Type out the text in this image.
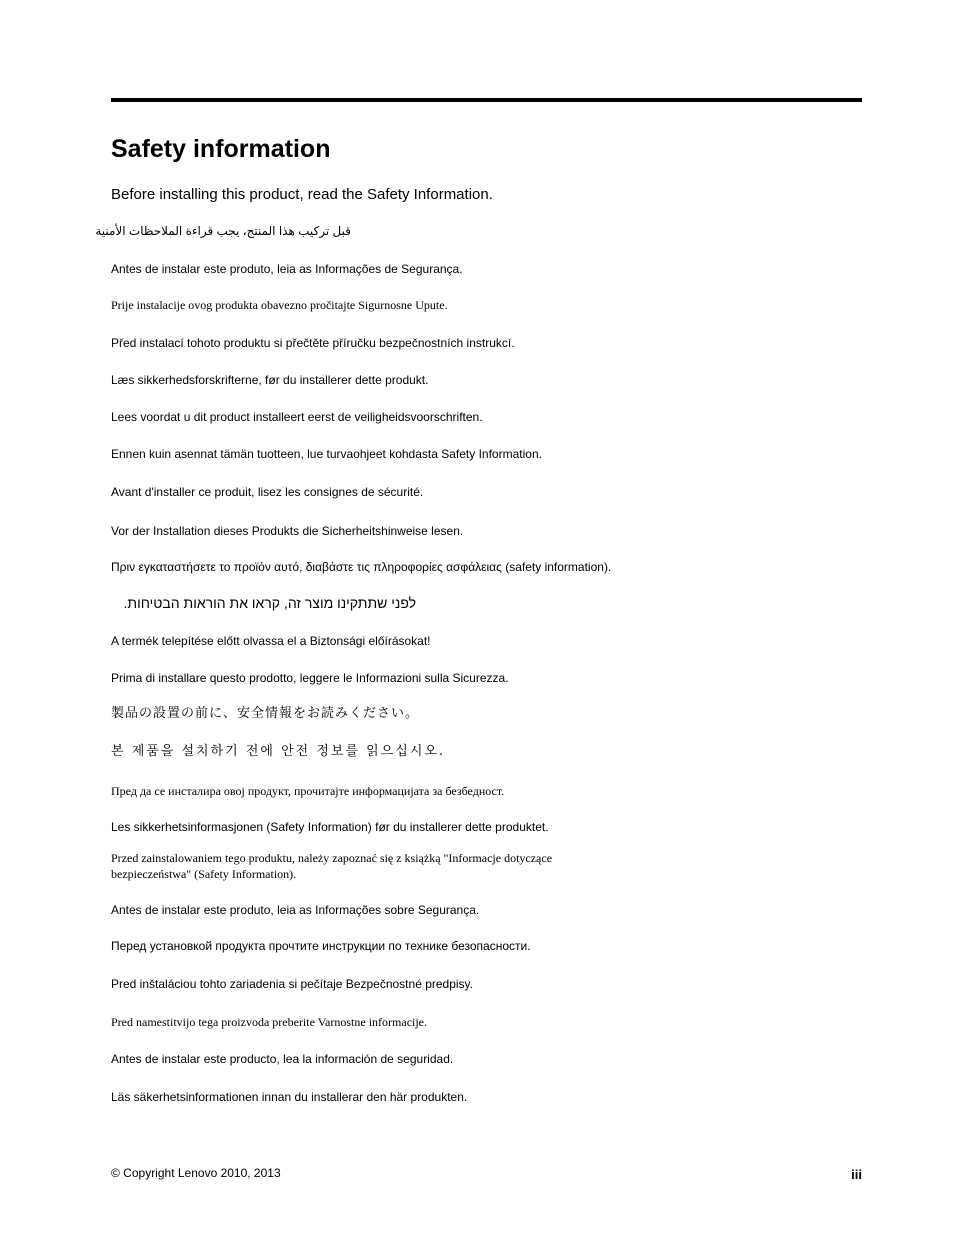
Safety information
Before installing this product, read the Safety Information.
قبل تركيب هذا المنتج، يجب قراءة الملاحظات الأمنية
Antes de instalar este produto, leia as Informações de Segurança.
Prije instalacije ovog produkta obavezno pročitajte Sigurnosne Upute.
Před instalací tohoto produktu si přečtěte příručku bezpečnostních instrukcí.
Læs sikkerhedsforskrifterne, før du installerer dette produkt.
Lees voordat u dit product installeert eerst de veiligheidsvoorschriften.
Ennen kuin asennat tämän tuotteen, lue turvaohjeet kohdasta Safety Information.
Avant d'installer ce produit, lisez les consignes de sécurité.
Vor der Installation dieses Produkts die Sicherheitshinweise lesen.
Πριν εγκαταστήσετε το προϊόν αυτό, διαβάστε τις πληροφορίες ασφάλειας (safety information).
לפני שתתקינו מוצר זה, קראו את הוראות הבטיחות.
A termék telepítése előtt olvassa el a Biztonsági előírásokat!
Prima di installare questo prodotto, leggere le Informazioni sulla Sicurezza.
製品の設置の前に、安全情報をお読みください。
본 제품을 설치하기 전에 안전 정보를 읽으십시오.
Пред да се инсталира овој продукт, прочитајте информацијата за безбедност.
Les sikkerhetsinformasjonen (Safety Information) før du installerer dette produktet.
Przed zainstalowaniem tego produktu, należy zapoznać się z książką "Informacje dotyczące bezpieczeństwa" (Safety Information).
Antes de instalar este produto, leia as Informações sobre Segurança.
Перед установкой продукта прочтите инструкции по технике безопасности.
Pred inštaláciou tohto zariadenia si pečítaje Bezpečnostné predpisy.
Pred namestitvijo tega proizvoda preberite Varnostne informacije.
Antes de instalar este producto, lea la información de seguridad.
Läs säkerhetsinformationen innan du installerar den här produkten.
© Copyright Lenovo 2010, 2013	iii
